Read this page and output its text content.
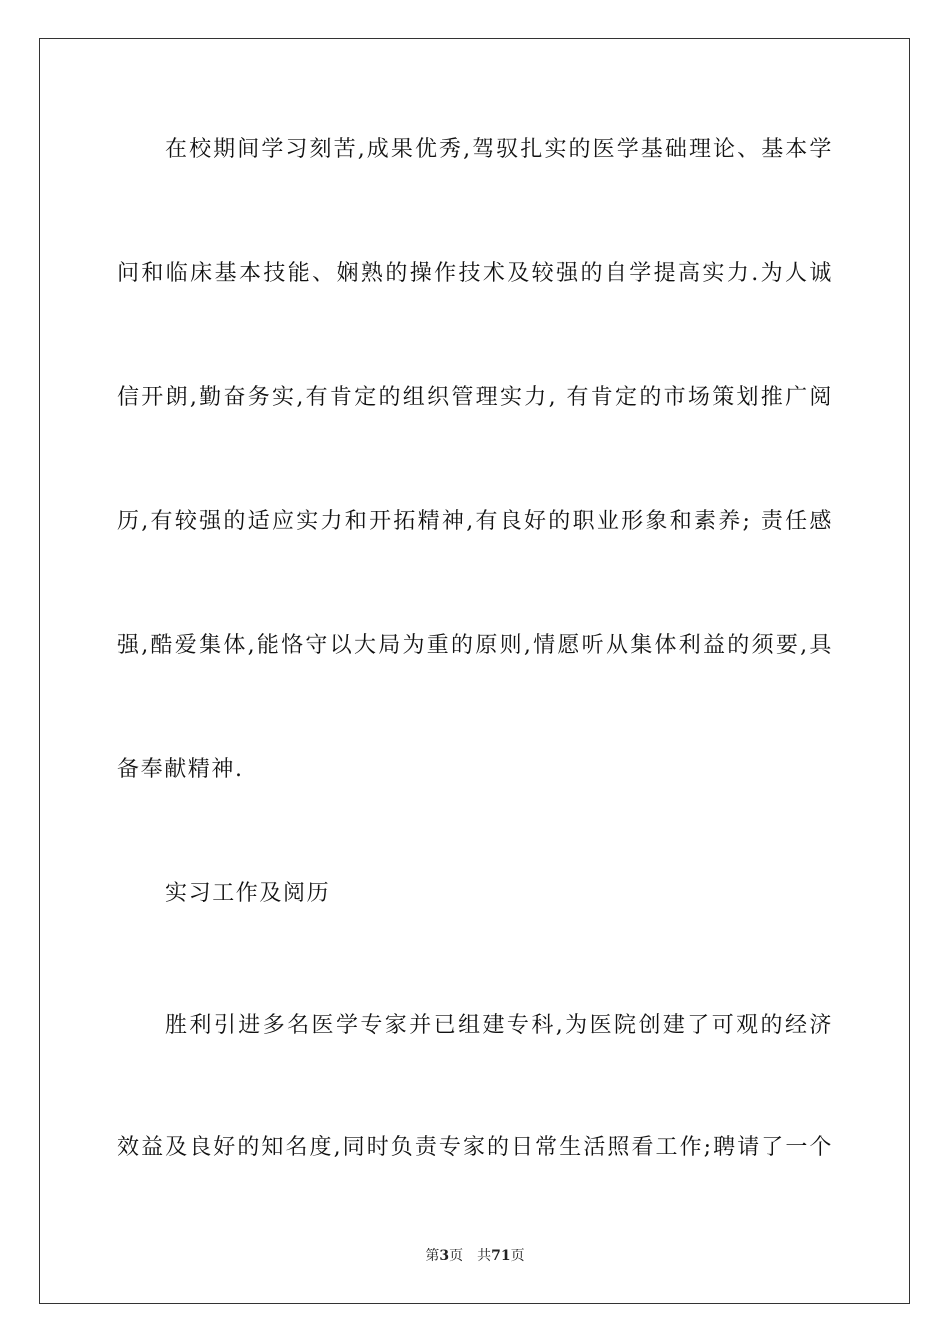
在校期间学习刻苦,成果优秀,驾驭扎实的医学基础理论、基本学
问和临床基本技能、娴熟的操作技术及较强的自学提高实力.为人诚
信开朗,勤奋务实,有肯定的组织管理实力, 有肯定的市场策划推广阅
历,有较强的适应实力和开拓精神,有良好的职业形象和素养; 责任感
强,酷爱集体,能恪守以大局为重的原则,情愿听从集体利益的须要,具
备奉献精神.
实习工作及阅历
胜利引进多名医学专家并已组建专科,为医院创建了可观的经济
效益及良好的知名度,同时负责专家的日常生活照看工作;聘请了一个
第3页 共71页
